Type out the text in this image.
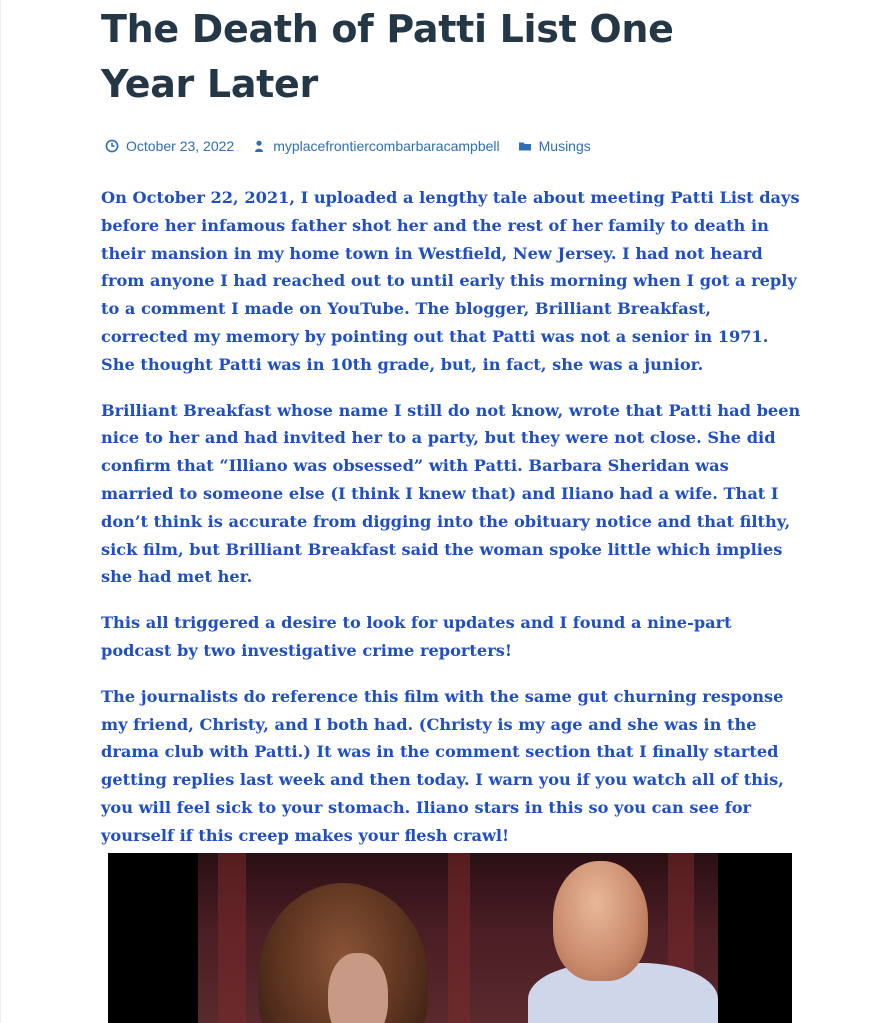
The Death of Patti List One Year Later
October 23, 2022	myplacefrontiercombarbaracampbell	Musings

On October 22, 2021, I uploaded a lengthy tale about meeting Patti List days before her infamous father shot her and the rest of her family to death in their mansion in my home town in Westfield, New Jersey. I had not heard from anyone I had reached out to until early this morning when I got a reply to a comment I made on YouTube. The blogger, Brilliant Breakfast, corrected my memory by pointing out that Patti was not a senior in 1971. She thought Patti was in 10th grade, but, in fact, she was a junior.

Brilliant Breakfast whose name I still do not know, wrote that Patti had been nice to her and had invited her to a party, but they were not close. She did confirm that “Illiano was obsessed” with Patti. Barbara Sheridan was married to someone else (I think I knew that) and Iliano had a wife. That I don’t think is accurate from digging into the obituary notice and that filthy, sick film, but Brilliant Breakfast said the woman spoke little which implies she had met her.

This all triggered a desire to look for updates and I found a nine-part podcast by two investigative crime reporters!

The journalists do reference this film with the same gut churning response my friend, Christy, and I both had. (Christy is my age and she was in the drama club with Patti.) It was in the comment section that I finally started getting replies last week and then today. I warn you if you watch all of this, you will feel sick to your stomach. Iliano stars in this so you can see for yourself if this creep makes your flesh crawl!
